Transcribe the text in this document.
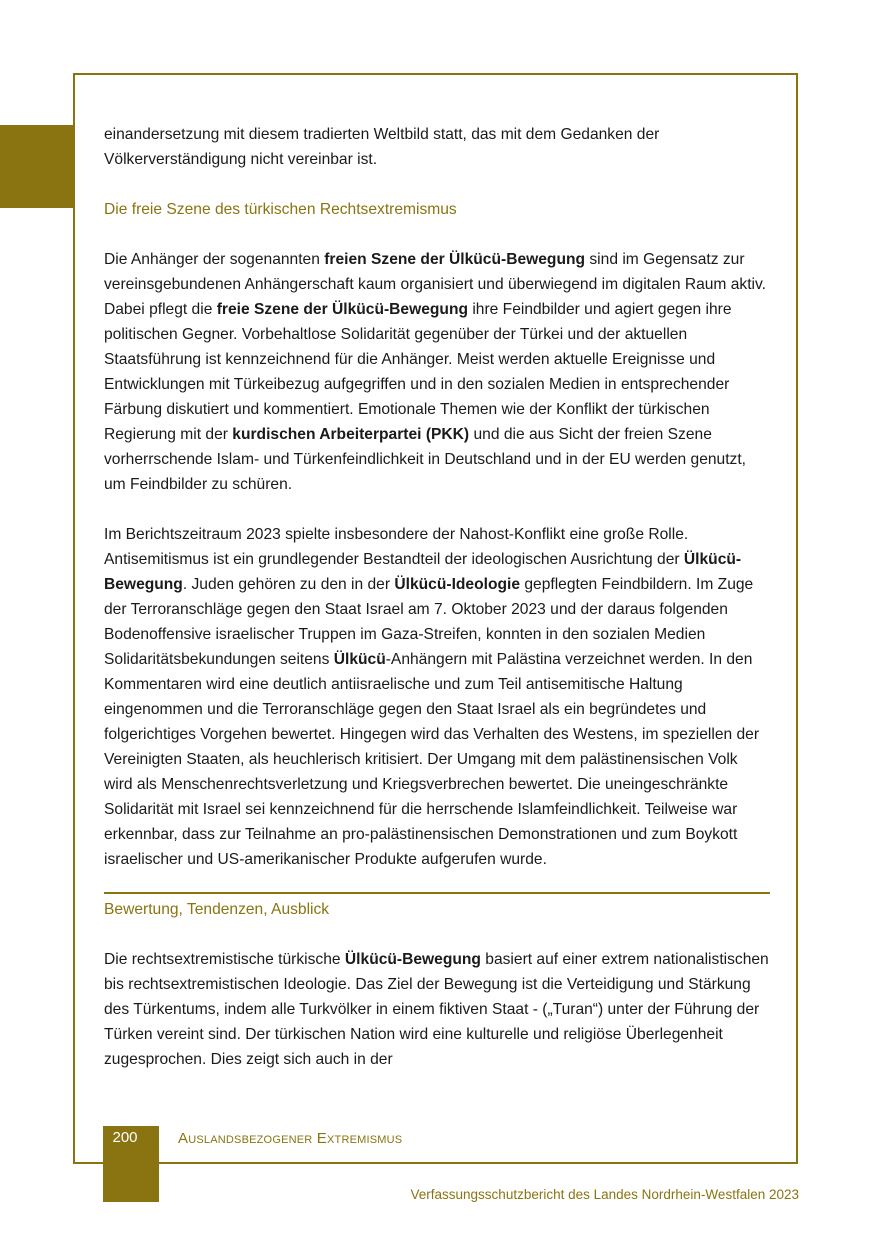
einandersetzung mit diesem tradierten Weltbild statt, das mit dem Gedanken der Völkerverständigung nicht vereinbar ist.

Die freie Szene des türkischen Rechtsextremismus

Die Anhänger der sogenannten freien Szene der Ülkücü-Bewegung sind im Gegensatz zur vereinsgebundenen Anhängerschaft kaum organisiert und überwiegend im digitalen Raum aktiv. Dabei pflegt die freie Szene der Ülkücü-Bewegung ihre Feindbilder und agiert gegen ihre politischen Gegner. Vorbehaltlose Solidarität gegenüber der Türkei und der aktuellen Staatsführung ist kennzeichnend für die Anhänger. Meist werden aktuelle Ereignisse und Entwicklungen mit Türkeibezug aufgegriffen und in den sozialen Medien in entsprechender Färbung diskutiert und kommentiert. Emotionale Themen wie der Konflikt der türkischen Regierung mit der kurdischen Arbeiterpartei (PKK) und die aus Sicht der freien Szene vorherrschende Islam- und Türkenfeindlichkeit in Deutschland und in der EU werden genutzt, um Feindbilder zu schüren.

Im Berichtszeitraum 2023 spielte insbesondere der Nahost-Konflikt eine große Rolle. Antisemitismus ist ein grundlegender Bestandteil der ideologischen Ausrichtung der Ülkücü-Bewegung. Juden gehören zu den in der Ülkücü-Ideologie gepflegten Feindbildern. Im Zuge der Terroranschläge gegen den Staat Israel am 7. Oktober 2023 und der daraus folgenden Bodenoffensive israelischer Truppen im Gaza-Streifen, konnten in den sozialen Medien Solidaritätsbekundungen seitens Ülkücü-Anhängern mit Palästina verzeichnet werden. In den Kommentaren wird eine deutlich antiisraelische und zum Teil antisemitische Haltung eingenommen und die Terroranschläge gegen den Staat Israel als ein begründetes und folgerichtiges Vorgehen bewertet. Hingegen wird das Verhalten des Westens, im speziellen der Vereinigten Staaten, als heuchlerisch kritisiert. Der Umgang mit dem palästinensischen Volk wird als Menschenrechtsverletzung und Kriegsverbrechen bewertet. Die uneingeschränkte Solidarität mit Israel sei kennzeichnend für die herrschende Islamfeindlichkeit. Teilweise war erkennbar, dass zur Teilnahme an pro-palästinensischen Demonstrationen und zum Boykott israelischer und US-amerikanischer Produkte aufgerufen wurde.

Bewertung, Tendenzen, Ausblick

Die rechtsextremistische türkische Ülkücü-Bewegung basiert auf einer extrem nationalistischen bis rechtsextremistischen Ideologie. Das Ziel der Bewegung ist die Verteidigung und Stärkung des Türkentums, indem alle Turkvölker in einem fiktiven Staat - („Turan“) unter der Führung der Türken vereint sind. Der türkischen Nation wird eine kulturelle und religiöse Überlegenheit zugesprochen. Dies zeigt sich auch in der

200	Auslandsbezogener Extremismus
Verfassungsschutzbericht des Landes Nordrhein-Westfalen 2023
